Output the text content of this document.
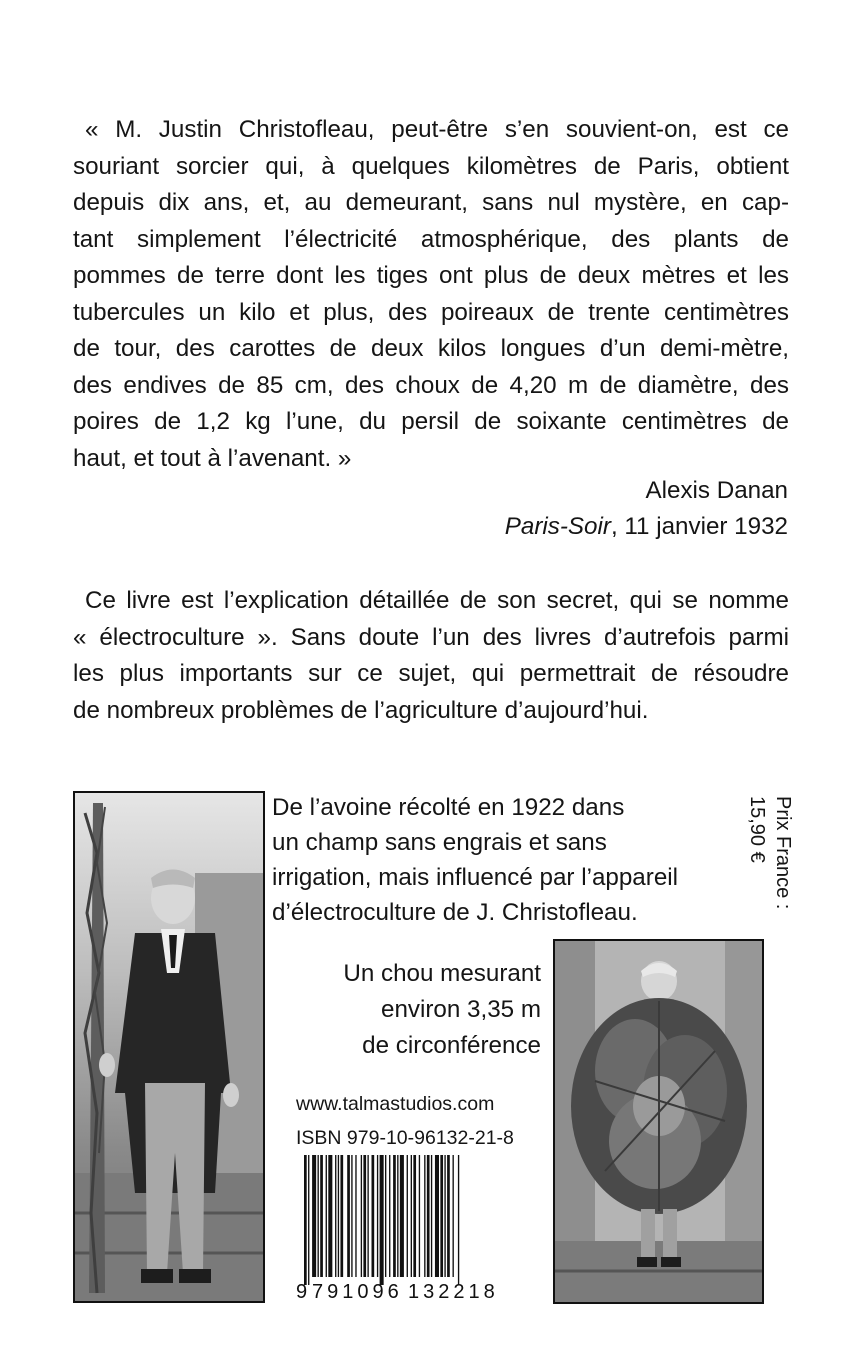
« M. Justin Christofleau, peut-être s’en souvient-on, est ce
souriant sorcier qui, à quelques kilomètres de Paris, obtient
depuis dix ans, et, au demeurant, sans nul mystère, en cap-
tant simplement l’électricité atmosphérique, des plants de
pommes de terre dont les tiges ont plus de deux mètres et les
tubercules un kilo et plus, des poireaux de trente centimètres
de tour, des carottes de deux kilos longues d’un demi-mètre,
des endives de 85 cm, des choux de 4,20 m de diamètre, des
poires de 1,2 kg l’une, du persil de soixante centimètres de
haut, et tout à l’avenant. »
Alexis Danan
Paris-Soir, 11 janvier 1932
Ce livre est l’explication détaillée de son secret, qui se nomme
« électroculture ». Sans doute l’un des livres d’autrefois parmi
les plus importants sur ce sujet, qui permettrait de résoudre
de nombreux problèmes de l’agriculture d’aujourd’hui.
De l’avoine récolté en 1922 dans
un champ sans engrais et sans
irrigation, mais influencé par l’appareil
d’électroculture de J. Christofleau.
Un chou mesurant
environ 3,35 m
de circonférence
Prix France :
15,90 €
www.talmastudios.com
ISBN 979-10-96132-21-8
9 791096 132218
